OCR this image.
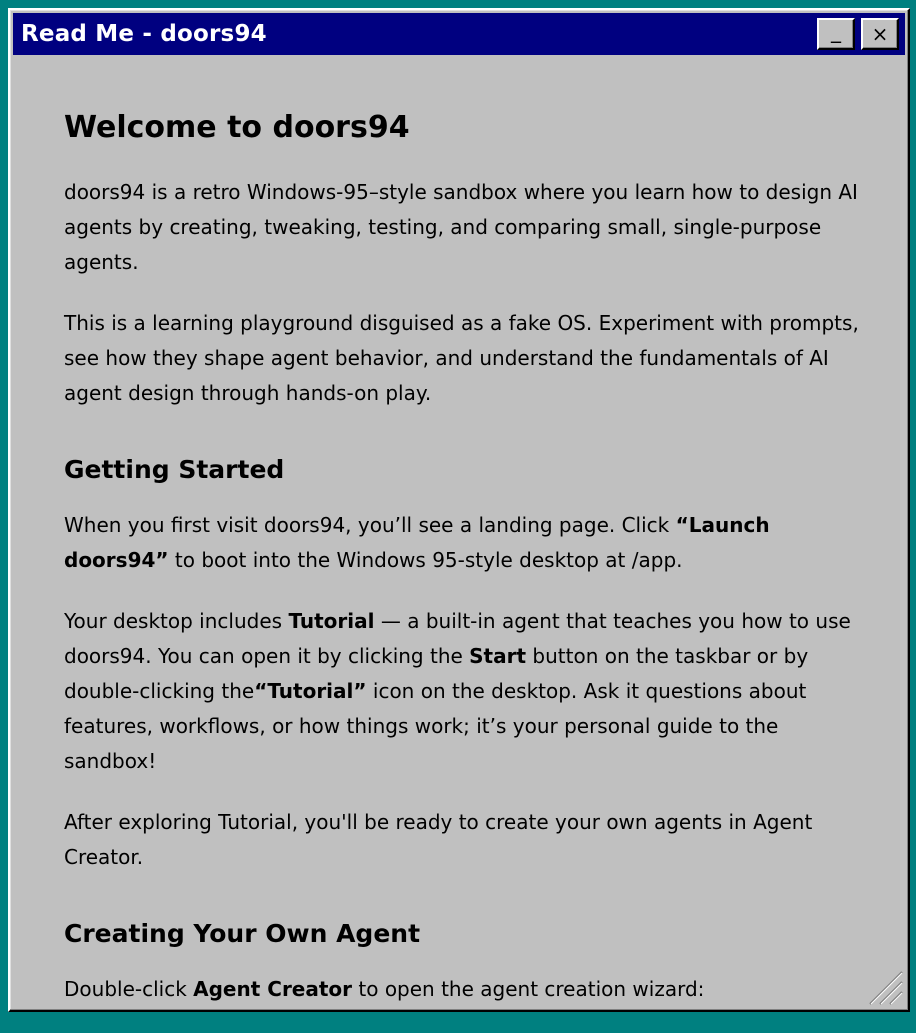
Read Me - doors94	_ ×
Welcome to doors94

doors94 is a retro Windows-95–style sandbox where you learn how to design AI agents by creating, tweaking, testing, and comparing small, single-purpose agents.

This is a learning playground disguised as a fake OS. Experiment with prompts, see how they shape agent behavior, and understand the fundamentals of AI agent design through hands-on play.

Getting Started

When you first visit doors94, you’ll see a landing page. Click “Launch doors94” to boot into the Windows 95-style desktop at /app.

Your desktop includes Tutorial — a built-in agent that teaches you how to use doors94. You can open it by clicking the Start button on the taskbar or by double-clicking the“Tutorial” icon on the desktop. Ask it questions about features, workflows, or how things work; it’s your personal guide to the sandbox!

After exploring Tutorial, you'll be ready to create your own agents in Agent Creator.

Creating Your Own Agent

Double-click Agent Creator to open the agent creation wizard:
